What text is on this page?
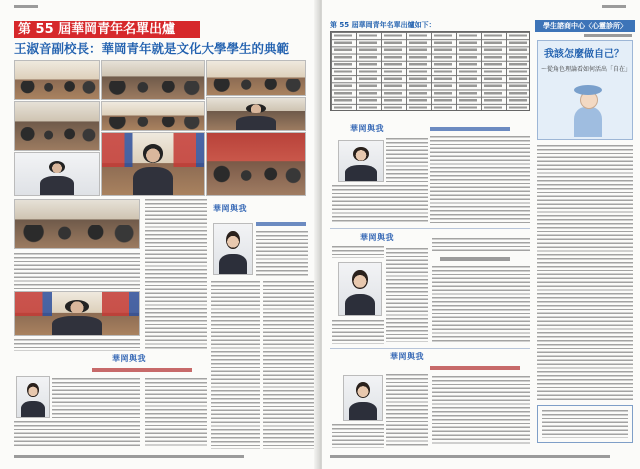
第 55 屆華岡青年名單出爐
王淑音副校長：華岡青年就是文化大學學生的典範
華岡與我
華岡與我
第 55 屆華岡青年名單出爐如下：	學生諮商中心〈心靈診所〉
我該怎麼做自己？
～從角色理論看如何活出「自在」
華岡與我
華岡與我
華岡與我
